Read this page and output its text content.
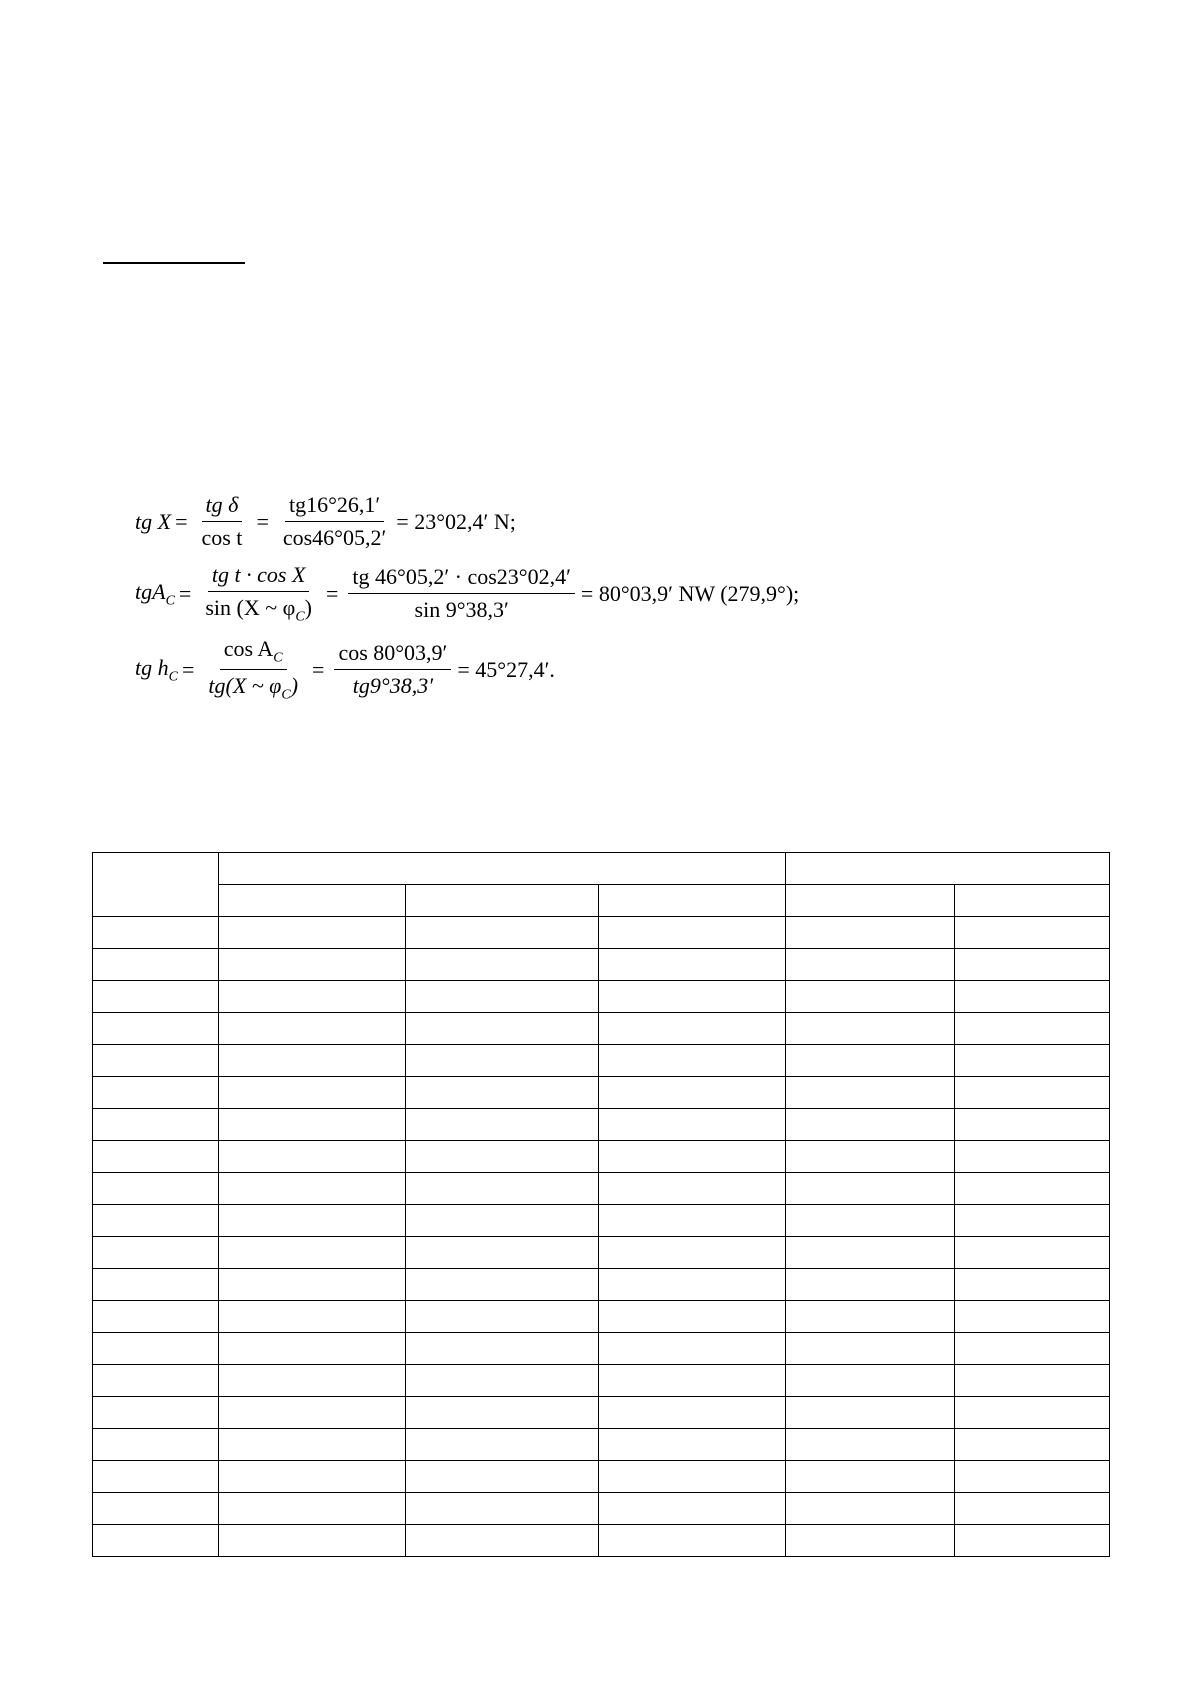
tg $X = \frac{\text{tg δ}}{\text{cos t}} = \frac{tg16^\circ 26,1'}{\cos 46^\circ 05,2'} = 23^\circ 02,4'$ N;
$tgA_C = \frac{\text{tg t · cos X}}{\sin (X \sim \varphi_C)} = \frac{tg 46^\circ 05,2' \cdot \cos 23^\circ 02,4'}{\sin 9^\circ 38,3'} = 80^\circ 03,9'$ NW (279,9°);
tg $h_C = \frac{\cos A_C}{tg(X \sim \varphi_C)} = \frac{\cos 80^\circ 03,9'}{tg9^\circ 38,3'} = 45^\circ 27,4'$.
